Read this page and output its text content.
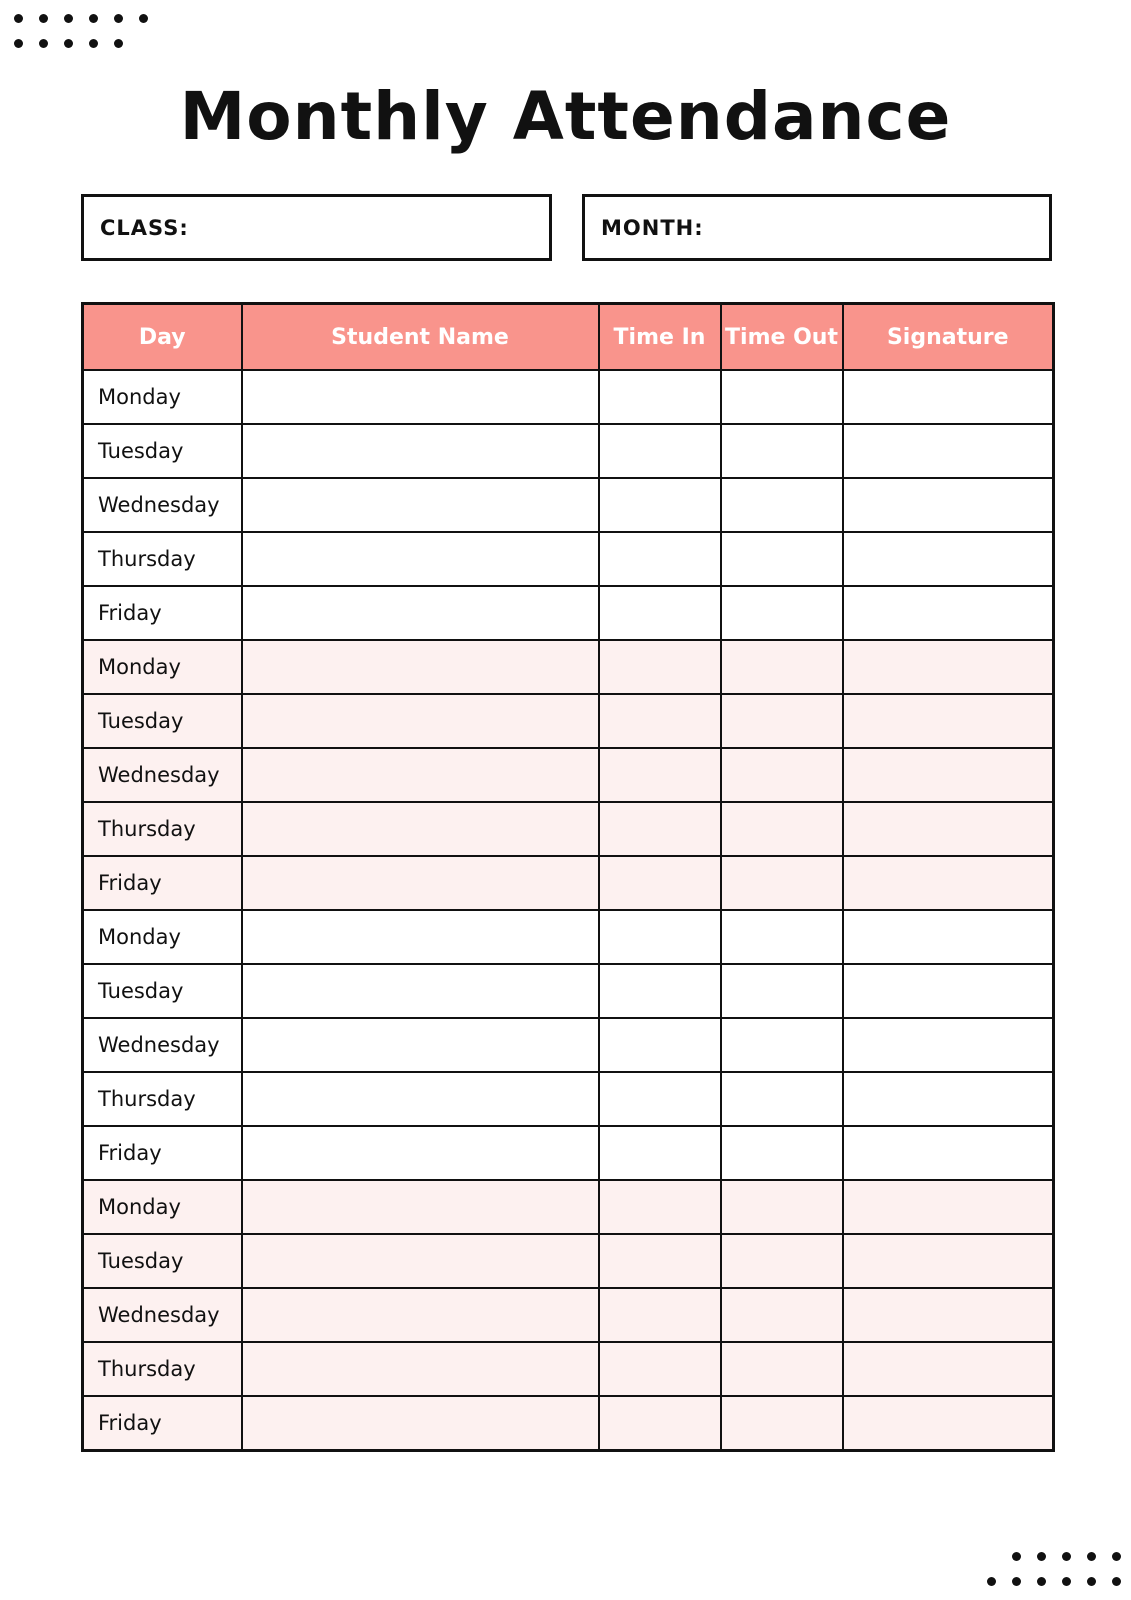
Monthly Attendance
CLASS:	MONTH:
Day	Student Name	Time In	Time Out	Signature
Monday				
Tuesday				
Wednesday				
Thursday				
Friday				
Monday				
Tuesday				
Wednesday				
Thursday				
Friday				
Monday				
Tuesday				
Wednesday				
Thursday				
Friday				
Monday				
Tuesday				
Wednesday				
Thursday				
Friday				
